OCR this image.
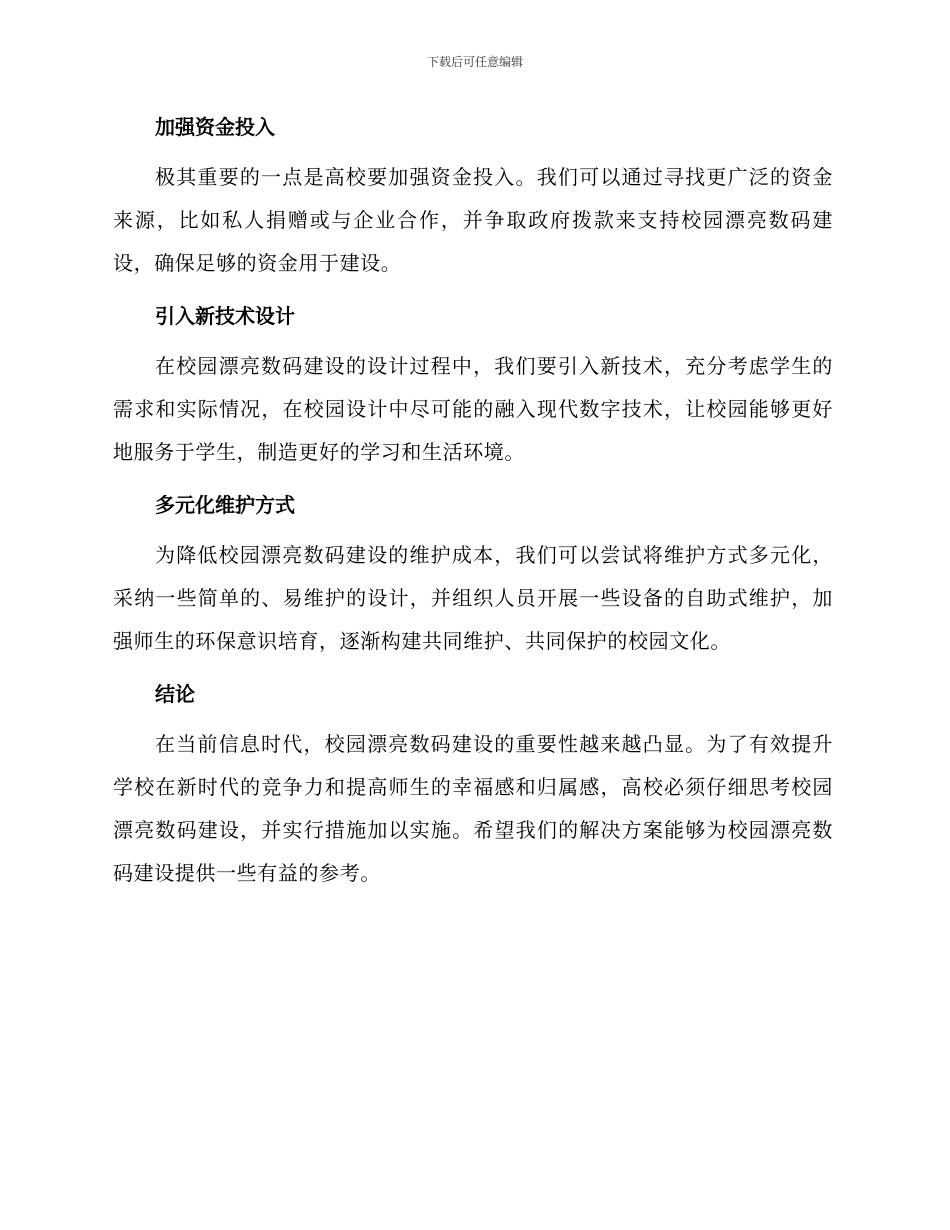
下载后可任意编辑
加强资金投入

极其重要的一点是高校要加强资金投入。我们可以通过寻找更广泛的资金来源，比如私人捐赠或与企业合作，并争取政府拨款来支持校园漂亮数码建设，确保足够的资金用于建设。

引入新技术设计

在校园漂亮数码建设的设计过程中，我们要引入新技术，充分考虑学生的需求和实际情况，在校园设计中尽可能的融入现代数字技术，让校园能够更好地服务于学生，制造更好的学习和生活环境。

多元化维护方式

为降低校园漂亮数码建设的维护成本，我们可以尝试将维护方式多元化，采纳一些简单的、易维护的设计，并组织人员开展一些设备的自助式维护，加强师生的环保意识培育，逐渐构建共同维护、共同保护的校园文化。

结论

在当前信息时代，校园漂亮数码建设的重要性越来越凸显。为了有效提升学校在新时代的竞争力和提高师生的幸福感和归属感，高校必须仔细思考校园漂亮数码建设，并实行措施加以实施。希望我们的解决方案能够为校园漂亮数码建设提供一些有益的参考。
